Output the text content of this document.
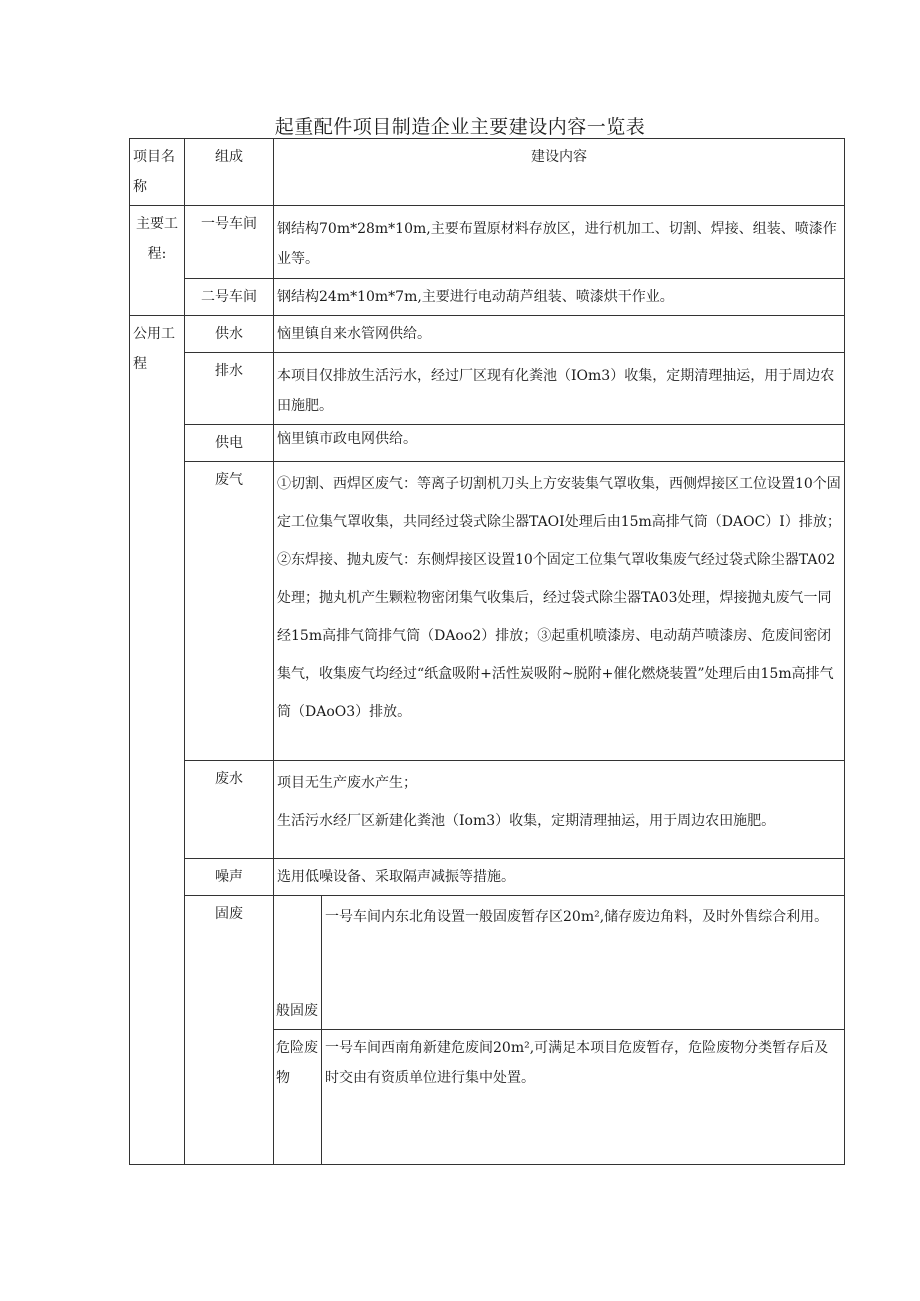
起重配件项目制造企业主要建设内容一览表
项目名称	组成	建设内容	
主要工程:	一号车间	钢结构70m*28m*10m,主要布置原材料存放区，进行机加工、切割、焊接、组装、喷漆作业等。	
	二号车间	钢结构24m*10m*7m,主要进行电动葫芦组装、喷漆烘干作业。	
公用工程	供水	恼里镇自来水管网供给。	
	排水	本项目仅排放生活污水，经过厂区现有化粪池（IOm3）收集，定期清理抽运，用于周边农田施肥。	
	供电	恼里镇市政电网供给。	
	废气	①切割、西焊区废气：等离子切割机刀头上方安装集气罩收集，西侧焊接区工位设置10个固定工位集气罩收集，共同经过袋式除尘器TAOI处理后由15m高排气筒（DAOC）I）排放；
②东焊接、抛丸废气：东侧焊接区设置10个固定工位集气罩收集废气经过袋式除尘器TA02处理；抛丸机产生颗粒物密闭集气收集后，经过袋式除尘器TA03处理，焊接抛丸废气一同经15m高排气筒排气筒（DAoo2）排放；③起重机喷漆房、电动葫芦喷漆房、危废间密闭集气，收集废气均经过“纸盒吸附+活性炭吸附~脱附+催化燃烧装置”处理后由15m高排气筒（DAoO3）排放。	

	废水	项目无生产废水产生；
生活污水经厂区新建化粪池（Iom3）收集，定期清理抽运，用于周边农田施肥。	

	噪声	选用低噪设备、采取隔声减振等措施。	
	固废	般固废	一号车间内东北角设置一般固废暂存区20m²,储存废边角料，及时外售综合利用。
		危险废物	一号车间西南角新建危废间20m²,可满足本项目危废暂存，危险废物分类暂存后及时交由有资质单位进行集中处置。
